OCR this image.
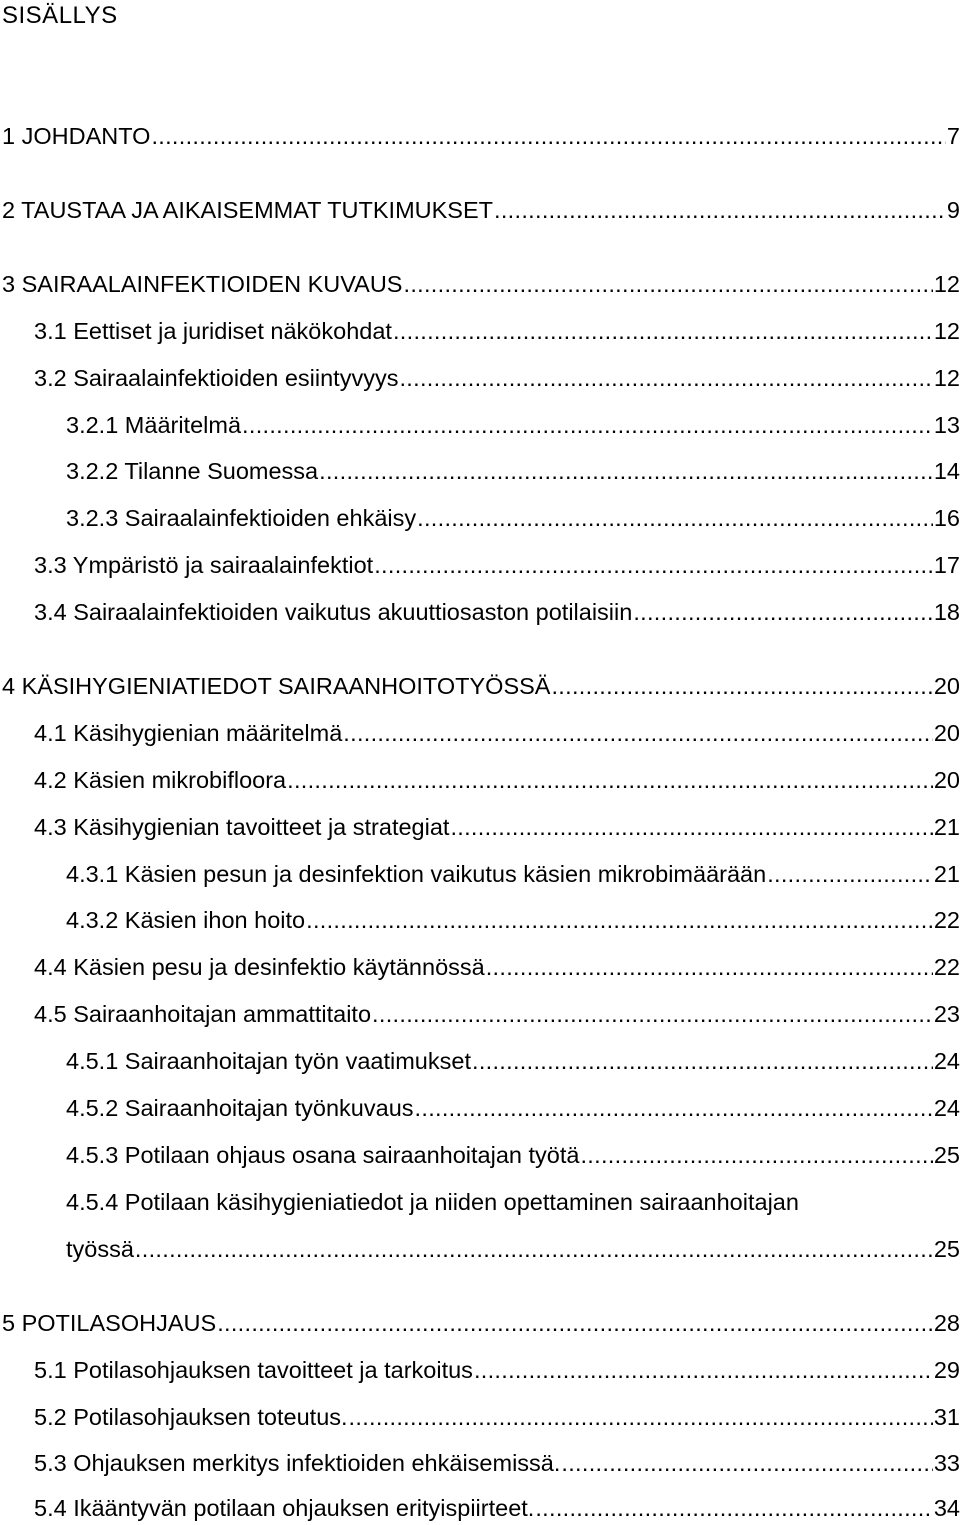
SISÄLLYS
1 JOHDANTO .....	7
2 TAUSTAA JA AIKAISEMMAT TUTKIMUKSET .....	9
3 SAIRAALAINFEKTIOIDEN KUVAUS .....	12
3.1 Eettiset ja juridiset näkökohdat .....	12
3.2 Sairaalainfektioiden esiintyvyys .....	12
3.2.1 Määritelmä .....	13
3.2.2 Tilanne Suomessa .....	14
3.2.3 Sairaalainfektioiden ehkäisy .....	16
3.3 Ympäristö ja sairaalainfektiot .....	17
3.4 Sairaalainfektioiden vaikutus akuuttiosaston potilaisiin .....	18
4 KÄSIHYGIENIATIEDOT SAIRAANHOITOTYÖSSÄ .....	20
4.1 Käsihygienian määritelmä .....	20
4.2 Käsien mikrobifloora .....	20
4.3 Käsihygienian tavoitteet ja strategiat .....	21
4.3.1 Käsien pesun ja desinfektion vaikutus käsien mikrobimäärään .....	21
4.3.2 Käsien ihon hoito .....	22
4.4 Käsien pesu ja desinfektio käytännössä .....	22
4.5 Sairaanhoitajan ammattitaito .....	23
4.5.1 Sairaanhoitajan työn vaatimukset .....	24
4.5.2 Sairaanhoitajan työnkuvaus .....	24
4.5.3 Potilaan ohjaus osana sairaanhoitajan työtä .....	25
4.5.4 Potilaan käsihygieniatiedot ja niiden opettaminen sairaanhoitajan
työssä .....	25
5 POTILASOHJAUS .....	28
5.1 Potilasohjauksen tavoitteet ja tarkoitus .....	29
5.2 Potilasohjauksen toteutus. .....	31
5.3 Ohjauksen merkitys infektioiden ehkäisemissä. .....	33
5.4 Ikääntyvän potilaan ohjauksen erityispiirteet. .....	34
